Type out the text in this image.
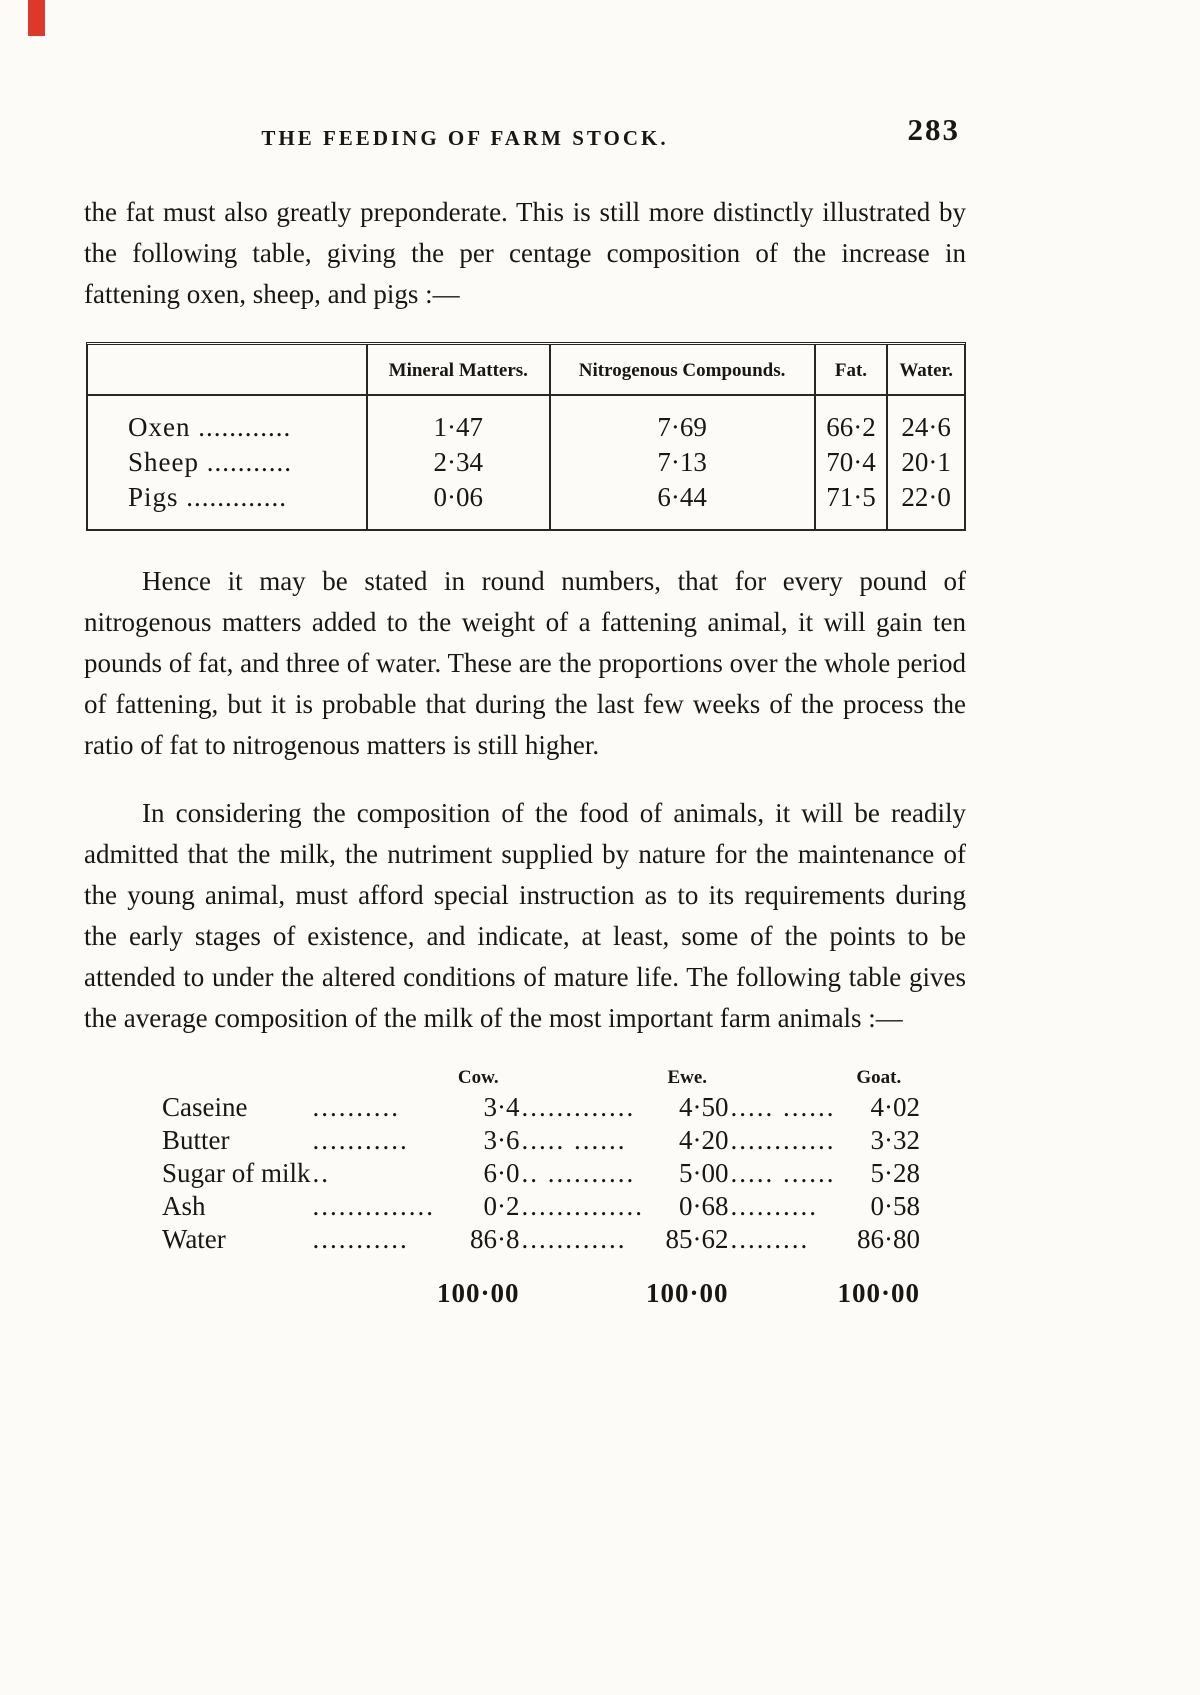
THE FEEDING OF FARM STOCK.	283

the fat must also greatly preponderate. This is still more distinctly illustrated by the following table, giving the per centage composition of the increase in fattening oxen, sheep, and pigs :—

	Mineral Matters.	Nitrogenous Compounds.	Fat.	Water.
Oxen ............	1·47	7·69	66·2	24·6
Sheep ...........	2·34	7·13	70·4	20·1
Pigs .............	0·06	6·44	71·5	22·0

Hence it may be stated in round numbers, that for every pound of nitrogenous matters added to the weight of a fattening animal, it will gain ten pounds of fat, and three of water. These are the proportions over the whole period of fattening, but it is probable that during the last few weeks of the process the ratio of fat to nitrogenous matters is still higher.

In considering the composition of the food of animals, it will be readily admitted that the milk, the nutriment supplied by nature for the maintenance of the young animal, must afford special instruction as to its requirements during the early stages of existence, and indicate, at least, some of the points to be attended to under the altered conditions of mature life. The following table gives the average composition of the milk of the most important farm animals :—

		Cow.		Ewe.		Goat.
Caseine	..........	3·4	.............	4·50	..... ......	4·02
Butter	...........	3·6	..... ......	4·20	............	3·32
Sugar of milk	..	6·0	.. ..........	5·00	..... ......	5·28
Ash	..............	0·2	..............	0·68	..........	0·58
Water	...........	86·8	............	85·62	.........	86·80
		100·00		100·00		100·00
